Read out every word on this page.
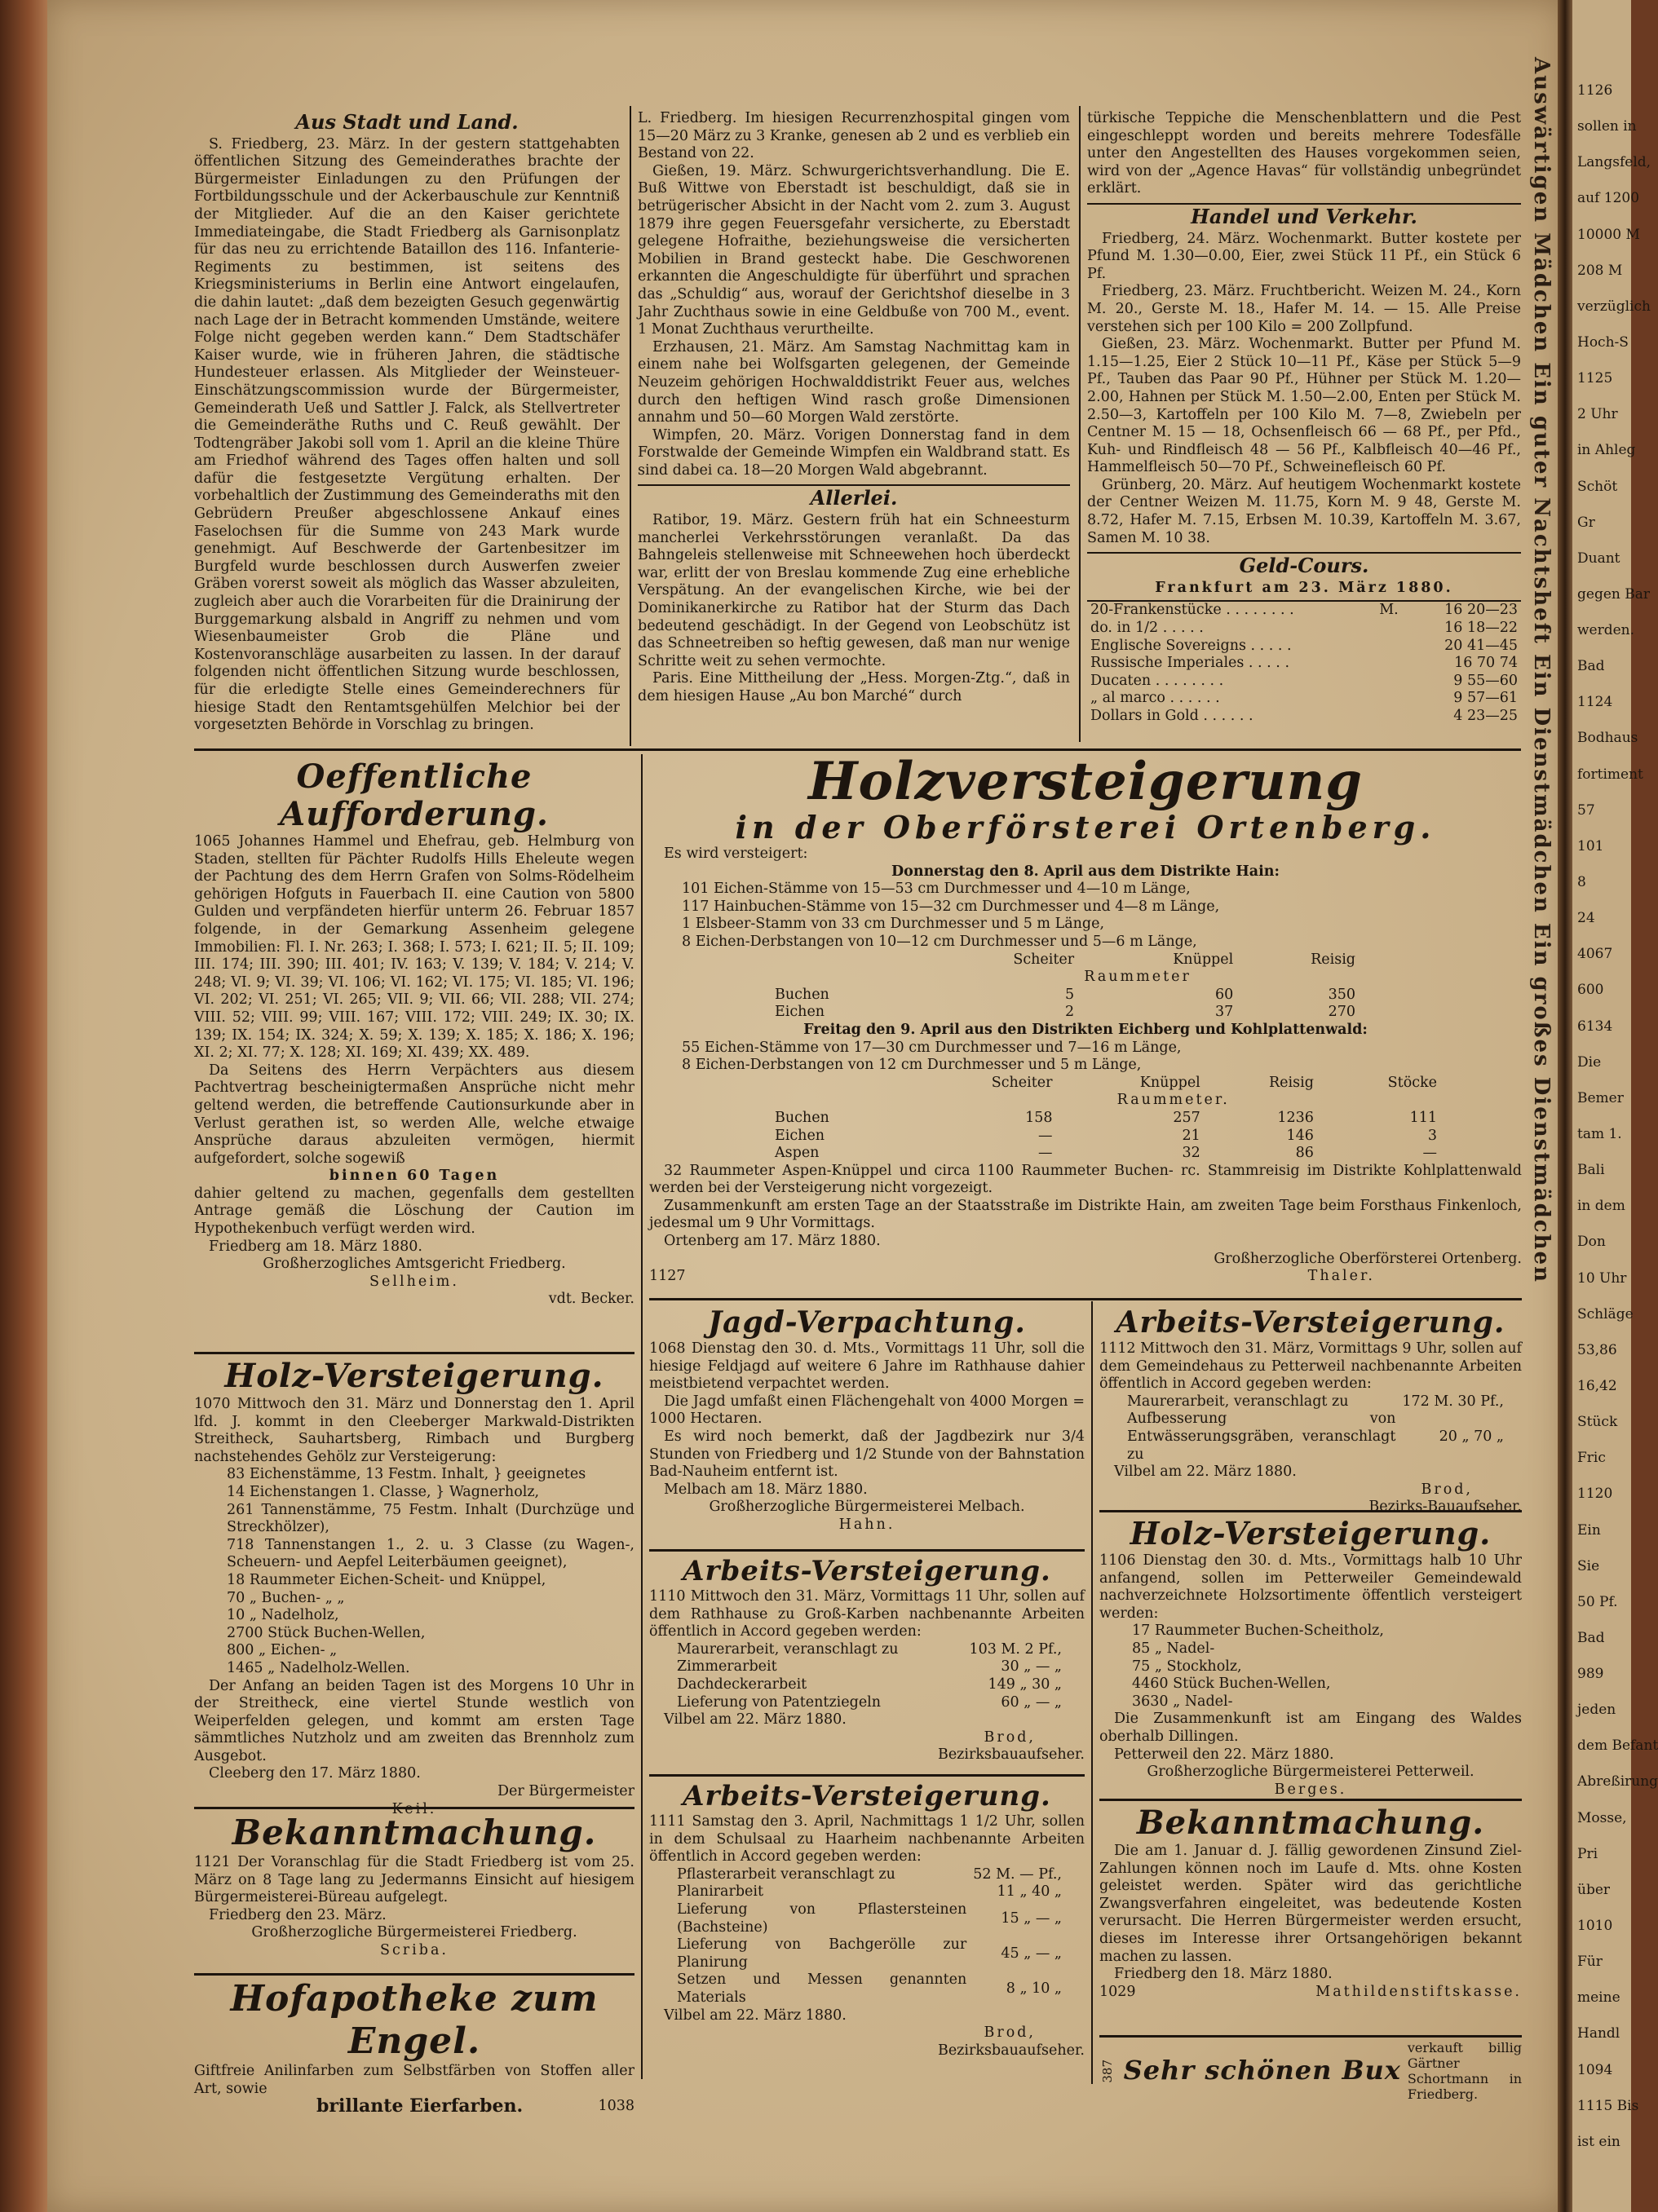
Aus Stadt und Land.

S. Friedberg, 23. März. In der gestern stattgehabten öffentlichen Sitzung des Gemeinderathes brachte der Bürgermeister Einladungen zu den Prüfungen der Fortbildungsschule und der Ackerbauschule zur Kenntniß der Mitglieder. Auf die an den Kaiser gerichtete Immediateingabe, die Stadt Friedberg als Garnisonplatz für das neu zu errichtende Bataillon des 116. Infanterie-Regiments zu bestimmen, ist seitens des Kriegsministeriums in Berlin eine Antwort eingelaufen, die dahin lautet: „daß dem bezeigten Gesuch gegenwärtig nach Lage der in Betracht kommenden Umstände, weitere Folge nicht gegeben werden kann.“ Dem Stadtschäfer Kaiser wurde, wie in früheren Jahren, die städtische Hundesteuer erlassen. Als Mitglieder der Weinsteuer-Einschätzungscommission wurde der Bürgermeister, Gemeinderath Ueß und Sattler J. Falck, als Stellvertreter die Gemeinderäthe Ruths und C. Reuß gewählt. Der Todtengräber Jakobi soll vom 1. April an die kleine Thüre am Friedhof während des Tages offen halten und soll dafür die festgesetzte Vergütung erhalten. Der vorbehaltlich der Zustimmung des Gemeinderaths mit den Gebrüdern Preußer abgeschlossene Ankauf eines Faselochsen für die Summe von 243 Mark wurde genehmigt. Auf Beschwerde der Gartenbesitzer im Burgfeld wurde beschlossen durch Auswerfen zweier Gräben vorerst soweit als möglich das Wasser abzuleiten, zugleich aber auch die Vorarbeiten für die Drainirung der Burggemarkung alsbald in Angriff zu nehmen und vom Wiesenbaumeister Grob die Pläne und Kostenvoranschläge ausarbeiten zu lassen. In der darauf folgenden nicht öffentlichen Sitzung wurde beschlossen, für die erledigte Stelle eines Gemeinderechners für hiesige Stadt den Rentamtsgehülfen Melchior bei der vorgesetzten Behörde in Vorschlag zu bringen.

L. Friedberg. Im hiesigen Recurrenzhospital gingen vom 15—20 März zu 3 Kranke, genesen ab 2 und es verblieb ein Bestand von 22.

Gießen, 19. März. Schwurgerichtsverhandlung. Die E. Buß Wittwe von Eberstadt ist beschuldigt, daß sie in betrügerischer Absicht in der Nacht vom 2. zum 3. August 1879 ihre gegen Feuersgefahr versicherte, zu Eberstadt gelegene Hofraithe, beziehungsweise die versicherten Mobilien in Brand gesteckt habe. Die Geschworenen erkannten die Angeschuldigte für überführt und sprachen das „Schuldig“ aus, worauf der Gerichtshof dieselbe in 3 Jahr Zuchthaus sowie in eine Geldbuße von 700 M., event. 1 Monat Zuchthaus verurtheilte.

Erzhausen, 21. März. Am Samstag Nachmittag kam in einem nahe bei Wolfsgarten gelegenen, der Gemeinde Neuzeim gehörigen Hochwalddistrikt Feuer aus, welches durch den heftigen Wind rasch große Dimensionen annahm und 50—60 Morgen Wald zerstörte.

Wimpfen, 20. März. Vorigen Donnerstag fand in dem Forstwalde der Gemeinde Wimpfen ein Waldbrand statt. Es sind dabei ca. 18—20 Morgen Wald abgebrannt.

Allerlei.

Ratibor, 19. März. Gestern früh hat ein Schneesturm mancherlei Verkehrsstörungen veranlaßt. Da das Bahngeleis stellenweise mit Schneewehen hoch überdeckt war, erlitt der von Breslau kommende Zug eine erhebliche Verspätung. An der evangelischen Kirche, wie bei der Dominikanerkirche zu Ratibor hat der Sturm das Dach bedeutend geschädigt. In der Gegend von Leobschütz ist das Schneetreiben so heftig gewesen, daß man nur wenige Schritte weit zu sehen vermochte.

Paris. Eine Mittheilung der „Hess. Morgen-Ztg.“, daß in dem hiesigen Hause „Au bon Marché“ durch

türkische Teppiche die Menschenblattern und die Pest eingeschleppt worden und bereits mehrere Todesfälle unter den Angestellten des Hauses vorgekommen seien, wird von der „Agence Havas“ für vollständig unbegründet erklärt.

Handel und Verkehr.

Friedberg, 24. März. Wochenmarkt. Butter kostete per Pfund M. 1.30—0.00, Eier, zwei Stück 11 Pf., ein Stück 6 Pf.

Friedberg, 23. März. Fruchtbericht. Weizen M. 24., Korn M. 20., Gerste M. 18., Hafer M. 14. — 15. Alle Preise verstehen sich per 100 Kilo = 200 Zollpfund.

Gießen, 23. März. Wochenmarkt. Butter per Pfund M. 1.15—1.25, Eier 2 Stück 10—11 Pf., Käse per Stück 5—9 Pf., Tauben das Paar 90 Pf., Hühner per Stück M. 1.20—2.00, Hahnen per Stück M. 1.50—2.00, Enten per Stück M. 2.50—3, Kartoffeln per 100 Kilo M. 7—8, Zwiebeln per Centner M. 15 — 18, Ochsenfleisch 66 — 68 Pf., per Pfd., Kuh- und Rindfleisch 48 — 56 Pf., Kalbfleisch 40—46 Pf., Hammelfleisch 50—70 Pf., Schweinefleisch 60 Pf.

Grünberg, 20. März. Auf heutigem Wochenmarkt kostete der Centner Weizen M. 11.75, Korn M. 9 48, Gerste M. 8.72, Hafer M. 7.15, Erbsen M. 10.39, Kartoffeln M. 3.67, Samen M. 10 38.

Geld-Cours.
Frankfurt am 23. März 1880.
20-Frankenstücke . . . . . . . .	M.	16 20—23
do. in 1/2 . . . . .		16 18—22
Englische Sovereigns . . . . .		20 41—45
Russische Imperiales . . . . .		16 70 74
Ducaten . . . . . . . .		9 55—60
„ al marco . . . . . .		9 57—61
Dollars in Gold . . . . . .		4 23—25
Oeffentliche Aufforderung.

1065 Johannes Hammel und Ehefrau, geb. Helmburg von Staden, stellten für Pächter Rudolfs Hills Eheleute wegen der Pachtung des dem Herrn Grafen von Solms-Rödelheim gehörigen Hofguts in Fauerbach II. eine Caution von 5800 Gulden und verpfändeten hierfür unterm 26. Februar 1857 folgende, in der Gemarkung Assenheim gelegene Immobilien: Fl. I. Nr. 263; I. 368; I. 573; I. 621; II. 5; II. 109; III. 174; III. 390; III. 401; IV. 163; V. 139; V. 184; V. 214; V. 248; VI. 9; VI. 39; VI. 106; VI. 162; VI. 175; VI. 185; VI. 196; VI. 202; VI. 251; VI. 265; VII. 9; VII. 66; VII. 288; VII. 274; VIII. 52; VIII. 99; VIII. 167; VIII. 172; VIII. 249; IX. 30; IX. 139; IX. 154; IX. 324; X. 59; X. 139; X. 185; X. 186; X. 196; XI. 2; XI. 77; X. 128; XI. 169; XI. 439; XX. 489.

Da Seitens des Herrn Verpächters aus diesem Pachtvertrag bescheinigtermaßen Ansprüche nicht mehr geltend werden, die betreffende Cautionsurkunde aber in Verlust gerathen ist, so werden Alle, welche etwaige Ansprüche daraus abzuleiten vermögen, hiermit aufgefordert, solche sogewiß

binnen 60 Tagen

dahier geltend zu machen, gegenfalls dem gestellten Antrage gemäß die Löschung der Caution im Hypothekenbuch verfügt werden wird.

Friedberg am 18. März 1880.

Großherzogliches Amtsgericht Friedberg.
Sellheim.
vdt. Becker.
Holz-Versteigerung.

1070 Mittwoch den 31. März und Donnerstag den 1. April lfd. J. kommt in den Cleeberger Markwald-Distrikten Streitheck, Sauhartsberg, Rimbach und Burgberg nachstehendes Gehölz zur Versteigerung:

83 Eichenstämme, 13 Festm. Inhalt, } geeignetes
14 Eichenstangen 1. Classe, } Wagnerholz,
261 Tannenstämme, 75 Festm. Inhalt (Durchzüge und Streckhölzer),
718 Tannenstangen 1., 2. u. 3 Classe (zu Wagen-, Scheuern- und Aepfel Leiterbäumen geeignet),
18 Raummeter Eichen-Scheit- und Knüppel,
70 „ Buchen- „ „
10 „ Nadelholz,
2700 Stück Buchen-Wellen,
800 „ Eichen- „
1465 „ Nadelholz-Wellen.

Der Anfang an beiden Tagen ist des Morgens 10 Uhr in der Streitheck, eine viertel Stunde westlich von Weiperfelden gelegen, und kommt am ersten Tage sämmtliches Nutzholz und am zweiten das Brennholz zum Ausgebot.

Cleeberg den 17. März 1880.

Der Bürgermeister
Keil.
Bekanntmachung.

1121 Der Voranschlag für die Stadt Friedberg ist vom 25. März on 8 Tage lang zu Jedermanns Einsicht auf hiesigem Bürgermeisterei-Büreau aufgelegt.

Friedberg den 23. März.

Großherzogliche Bürgermeisterei Friedberg.
Scriba.
Hofapotheke zum Engel.

Giftfreie Anilinfarben zum Selbstfärben von Stoffen aller Art, sowie

brillante Eierfarben.	1038
Holzversteigerung
in der Oberförsterei Ortenberg.

Es wird versteigert:

Donnerstag den 8. April aus dem Distrikte Hain:
101 Eichen-Stämme von 15—53 cm Durchmesser und 4—10 m Länge,
117 Hainbuchen-Stämme von 15—32 cm Durchmesser und 4—8 m Länge,
1 Elsbeer-Stamm von 33 cm Durchmesser und 5 m Länge,
8 Eichen-Derbstangen von 10—12 cm Durchmesser und 5—6 m Länge,
	Scheiter	Knüppel	Reisig
	Raummeter		
Buchen	5	60	350
Eichen	2	37	270
Freitag den 9. April aus den Distrikten Eichberg und Kohlplattenwald:
55 Eichen-Stämme von 17—30 cm Durchmesser und 7—16 m Länge,
8 Eichen-Derbstangen von 12 cm Durchmesser und 5 m Länge,
	Scheiter	Knüppel	Reisig	Stöcke
	Raummeter.			
Buchen	158	257	1236	111
Eichen	—	21	146	3
Aspen	—	32	86	—

32 Raummeter Aspen-Knüppel und circa 1100 Raummeter Buchen- rc. Stammreisig im Distrikte Kohlplattenwald werden bei der Versteigerung nicht vorgezeigt.

Zusammenkunft am ersten Tage an der Staatsstraße im Distrikte Hain, am zweiten Tage beim Forsthaus Finkenloch, jedesmal um 9 Uhr Vormittags.

Ortenberg am 17. März 1880.

Großherzogliche Oberförsterei Ortenberg.
1127	Thaler.
Jagd-Verpachtung.

1068 Dienstag den 30. d. Mts., Vormittags 11 Uhr, soll die hiesige Feldjagd auf weitere 6 Jahre im Rathhause dahier meistbietend verpachtet werden.

Die Jagd umfaßt einen Flächengehalt von 4000 Morgen = 1000 Hectaren.

Es wird noch bemerkt, daß der Jagdbezirk nur 3/4 Stunden von Friedberg und 1/2 Stunde von der Bahnstation Bad-Nauheim entfernt ist.

Melbach am 18. März 1880.

Großherzogliche Bürgermeisterei Melbach.
Hahn.
Arbeits-Versteigerung.

1110 Mittwoch den 31. März, Vormittags 11 Uhr, sollen auf dem Rathhause zu Groß-Karben nachbenannte Arbeiten öffentlich in Accord gegeben werden:

Maurerarbeit, veranschlagt zu	103 M. 2 Pf.,
Zimmerarbeit	30 „ — „
Dachdeckerarbeit	149 „ 30 „
Lieferung von Patentziegeln	60 „ — „

Vilbel am 22. März 1880.

Brod,
Bezirksbauaufseher.
Arbeits-Versteigerung.

1111 Samstag den 3. April, Nachmittags 1 1/2 Uhr, sollen in dem Schulsaal zu Haarheim nachbenannte Arbeiten öffentlich in Accord gegeben werden:

Pflasterarbeit veranschlagt zu	52 M. — Pf.,
Planirarbeit	11 „ 40 „
Lieferung von Pflastersteinen (Bachsteine)	15 „ — „
Lieferung von Bachgerölle zur Planirung	45 „ — „
Setzen und Messen genannten Materials	8 „ 10 „

Vilbel am 22. März 1880.

Brod,
Bezirksbauaufseher.
Arbeits-Versteigerung.

1112 Mittwoch den 31. März, Vormittags 9 Uhr, sollen auf dem Gemeindehaus zu Petterweil nachbenannte Arbeiten öffentlich in Accord gegeben werden:

Maurerarbeit, veranschlagt zu	172 M. 30 Pf.,
Aufbesserung von Entwässerungsgräben, veranschlagt zu	20 „ 70 „

Vilbel am 22. März 1880.

Brod,
Bezirks-Bauaufseher.
Holz-Versteigerung.

1106 Dienstag den 30. d. Mts., Vormittags halb 10 Uhr anfangend, sollen im Petterweiler Gemeindewald nachverzeichnete Holzsortimente öffentlich versteigert werden:

17 Raummeter Buchen-Scheitholz,
85 „ Nadel-
75 „ Stockholz,
4460 Stück Buchen-Wellen,
3630 „ Nadel-

Die Zusammenkunft ist am Eingang des Waldes oberhalb Dillingen.

Petterweil den 22. März 1880.

Großherzogliche Bürgermeisterei Petterweil.
Berges.
Bekanntmachung.

Die am 1. Januar d. J. fällig gewordenen Zinsund Ziel-Zahlungen können noch im Laufe d. Mts. ohne Kosten geleistet werden. Später wird das gerichtliche Zwangsverfahren eingeleitet, was bedeutende Kosten verursacht. Die Herren Bürgermeister werden ersucht, dieses im Interesse ihrer Ortsangehörigen bekannt machen zu lassen.

Friedberg den 18. März 1880.

1029	Mathildenstiftskasse.
387 Sehr schönen Bux
verkauft billig Gärtner Schortmann in Friedberg.
Auswärtigen Mädchen Ein guter Nachtsheft Ein Dienstmädchen Ein großes Dienstmädchen 1126
sollen in
Langsfeld,
auf 1200
10000 M
208 M
verzüglich
Hoch-S
1125
2 Uhr
in Ahleg
Schöt
Gr
Duant
gegen Bar
werden.
Bad
1124
Bodhaus
fortiment
57
101
8
24
4067
600
6134
Die
Bemer
tam 1.
Bali
in dem
Don
10 Uhr
Schläge
53,86
16,42
Stück
Fric
1120
Ein
Sie
50 Pf.
Bad
989
jeden
dem Befant
Abreßirung
Mosse,
Pri
über
1010
Für
meine
Handl
1094
1115 Bis
ist ein
